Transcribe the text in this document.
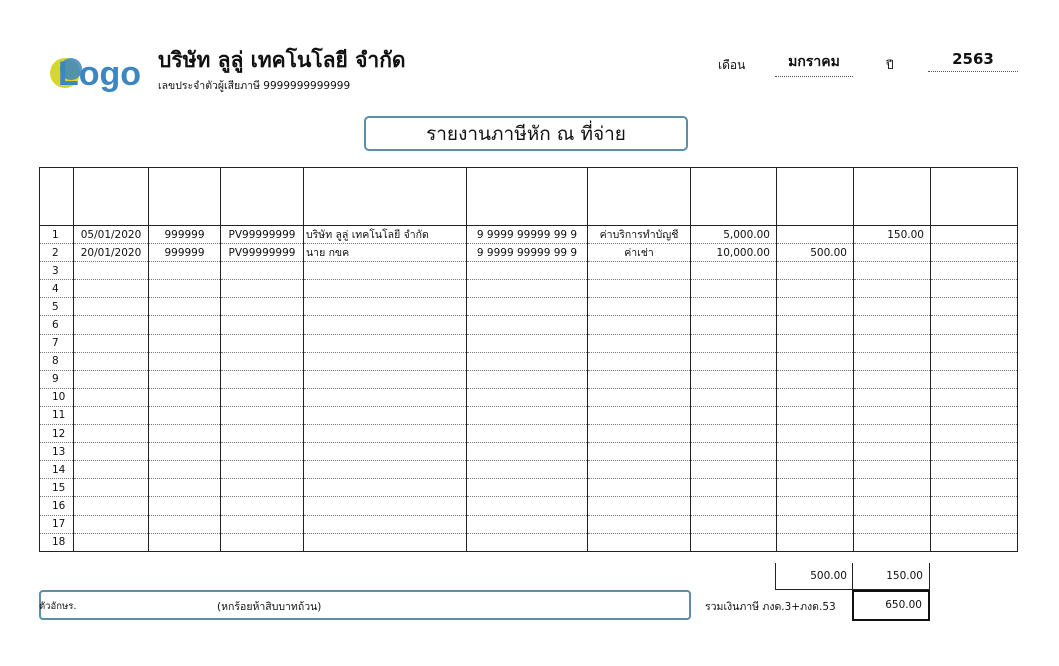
Logo บริษัท ลูลู่ เทคโนโลยี จำกัด
เลขประจำตัวผู้เสียภาษี 9999999999999
เดือน	มกราคม	ปี	2563
รายงานภาษีหัก ณ ที่จ่าย

1	05/01/2020	999999	PV99999999	บริษัท ลูลู่ เทคโนโลยี จำกัด	9 9999 99999 99 9	ค่าบริการทำบัญชี	5,000.00		150.00	
2	20/01/2020	999999	PV99999999	นาย กขค	9 9999 99999 99 9	ค่าเช่า	10,000.00	500.00		
3										
4										
5										
6										
7										
8										
9										
10										
11										
12										
13										
14										
15										
16										
17										
18										
500.00	150.00
ตัวอักษร.	(หกร้อยห้าสิบบาทถ้วน)	รวมเงินภาษี ภงด.3+ภงด.53	650.00
